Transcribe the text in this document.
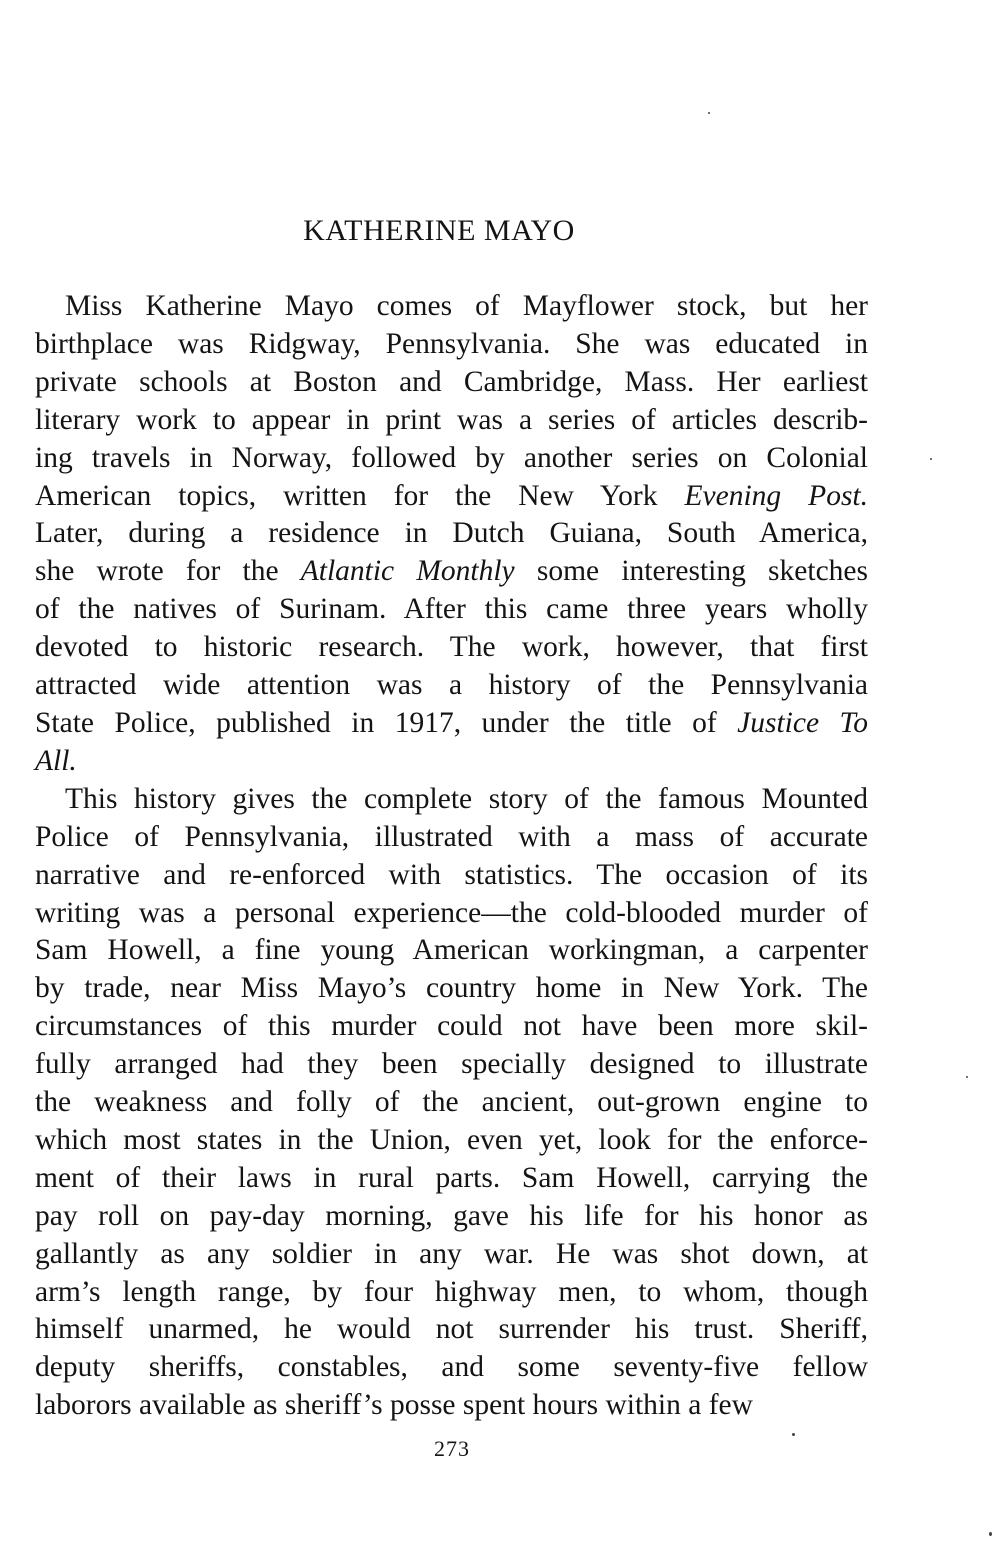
KATHERINE MAYO
Miss Katherine Mayo comes of Mayflower stock, but her
birthplace was Ridgway, Pennsylvania. She was educated in
private schools at Boston and Cambridge, Mass. Her earliest
literary work to appear in print was a series of articles describ-
ing travels in Norway, followed by another series on Colonial
American topics, written for the New York Evening Post.
Later, during a residence in Dutch Guiana, South America,
she wrote for the Atlantic Monthly some interesting sketches
of the natives of Surinam. After this came three years wholly
devoted to historic research. The work, however, that first
attracted wide attention was a history of the Pennsylvania
State Police, published in 1917, under the title of Justice To
All.
This history gives the complete story of the famous Mounted
Police of Pennsylvania, illustrated with a mass of accurate
narrative and re-enforced with statistics. The occasion of its
writing was a personal experience—the cold-blooded murder of
Sam Howell, a fine young American workingman, a carpenter
by trade, near Miss Mayo’s country home in New York. The
circumstances of this murder could not have been more skil-
fully arranged had they been specially designed to illustrate
the weakness and folly of the ancient, out-grown engine to
which most states in the Union, even yet, look for the enforce-
ment of their laws in rural parts. Sam Howell, carrying the
pay roll on pay-day morning, gave his life for his honor as
gallantly as any soldier in any war. He was shot down, at
arm’s length range, by four highway men, to whom, though
himself unarmed, he would not surrender his trust. Sheriff,
deputy sheriffs, constables, and some seventy-five fellow
laborors available as sheriff’s posse spent hours within a few
273
